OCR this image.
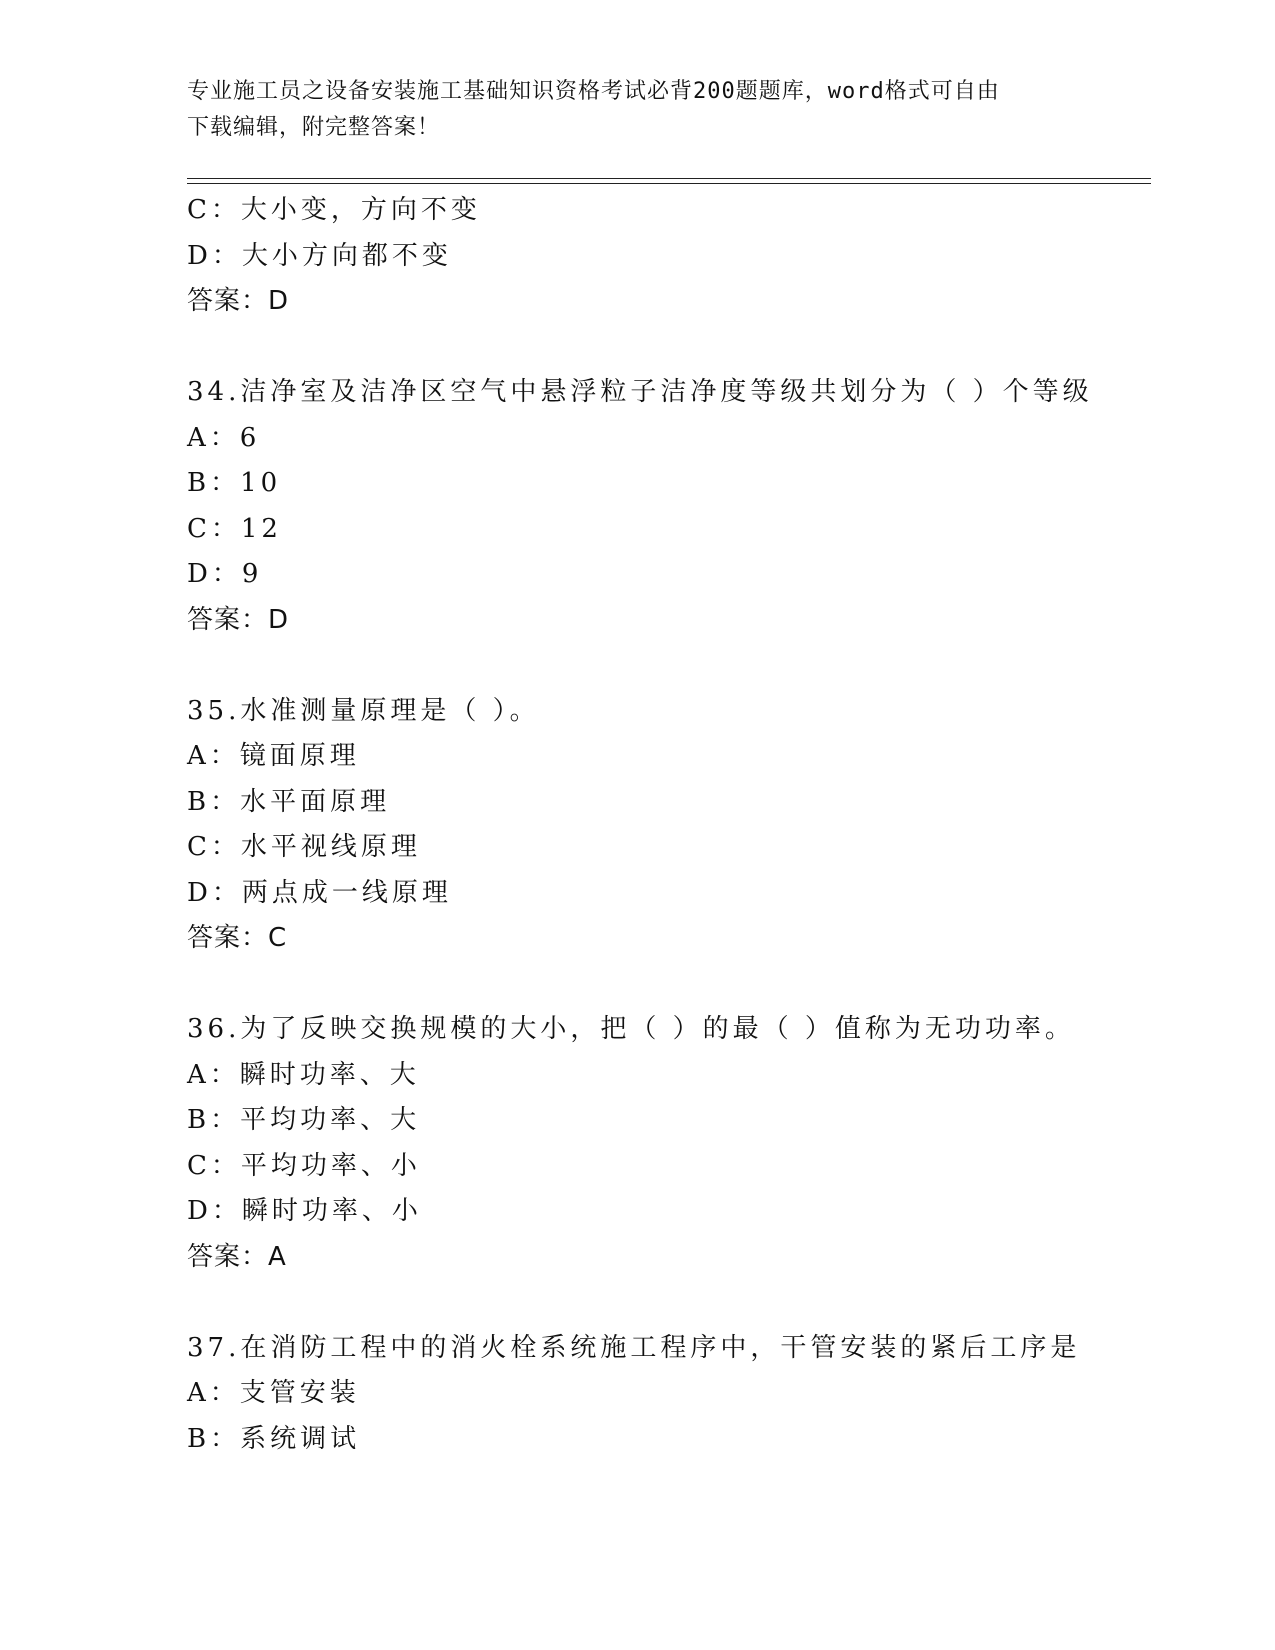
专业施工员之设备安装施工基础知识资格考试必背200题题库，word格式可自由
下载编辑，附完整答案！
C：大小变，方向不变
D：大小方向都不变
答案：D
34.洁净室及洁净区空气中悬浮粒子洁净度等级共划分为（ ）个等级
A：6
B：10
C：12
D：9
答案：D
35.水准测量原理是（ ）。
A：镜面原理
B：水平面原理
C：水平视线原理
D：两点成一线原理
答案：C
36.为了反映交换规模的大小，把（ ）的最（ ）值称为无功功率。
A：瞬时功率、大
B：平均功率、大
C：平均功率、小
D：瞬时功率、小
答案：A
37.在消防工程中的消火栓系统施工程序中，干管安装的紧后工序是
A：支管安装
B：系统调试
